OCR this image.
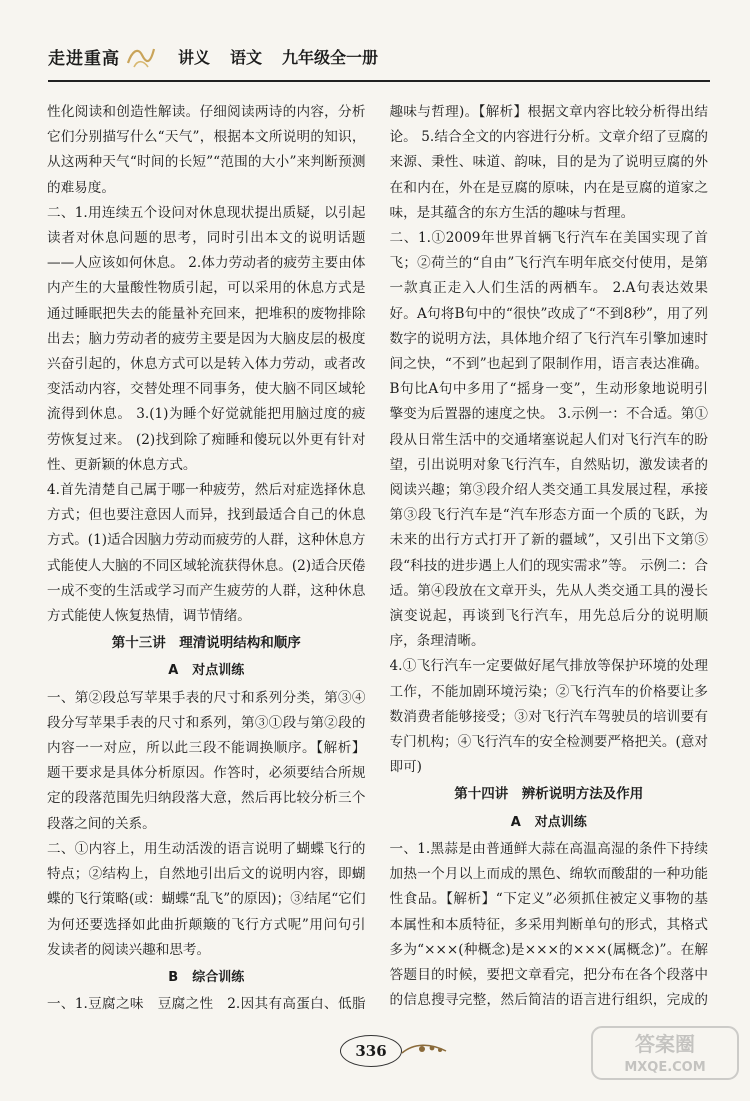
走进重高	讲义 语文 九年级全一册

性化阅读和创造性解读。仔细阅读两诗的内容，分析它们分别描写什么“天气”，根据本文所说明的知识，从这两种天气“时间的长短”“范围的大小”来判断预测的难易度。

二、1.用连续五个设问对休息现状提出质疑，以引起读者对休息问题的思考，同时引出本文的说明话题——人应该如何休息。 2.体力劳动者的疲劳主要由体内产生的大量酸性物质引起，可以采用的休息方式是通过睡眠把失去的能量补充回来，把堆积的废物排除出去；脑力劳动者的疲劳主要是因为大脑皮层的极度兴奋引起的，休息方式可以是转入体力劳动，或者改变活动内容，交替处理不同事务，使大脑不同区域轮流得到休息。 3.(1)为睡个好觉就能把用脑过度的疲劳恢复过来。 (2)找到除了痴睡和傻玩以外更有针对性、更新颖的休息方式。

4.首先清楚自己属于哪一种疲劳，然后对症选择休息方式；但也要注意因人而异，找到最适合自己的休息方式。(1)适合因脑力劳动而疲劳的人群，这种休息方式能使人大脑的不同区域轮流获得休息。(2)适合厌倦一成不变的生活或学习而产生疲劳的人群，这种休息方式能使人恢复热情，调节情绪。

第十三讲　理清说明结构和顺序
A 对点训练

一、第②段总写苹果手表的尺寸和系列分类，第③④段分写苹果手表的尺寸和系列，第③①段与第②段的内容一一对应，所以此三段不能调换顺序。【解析】题干要求是具体分析原因。作答时，必须要结合所规定的段落范围先归纳段落大意，然后再比较分析三个段落之间的关系。

二、①内容上，用生动活泼的语言说明了蝴蝶飞行的特点；②结构上，自然地引出后文的说明内容，即蝴蝶的飞行策略(或：蝴蝶“乱飞”的原因)；③结尾“它们为何还要选择如此曲折颠簸的飞行方式呢”用问句引发读者的阅读兴趣和思考。

B 综合训练

一、1.豆腐之味　豆腐之性　2.因其有高蛋白、低脂

趣味与哲理)。【解析】根据文章内容比较分析得出结论。 5.结合全文的内容进行分析。文章介绍了豆腐的来源、秉性、味道、韵味，目的是为了说明豆腐的外在和内在，外在是豆腐的原味，内在是豆腐的道家之味，是其蕴含的东方生活的趣味与哲理。

二、1.①2009年世界首辆飞行汽车在美国实现了首飞；②荷兰的“自由”飞行汽车明年底交付使用，是第一款真正走入人们生活的两栖车。 2.A句表达效果好。A句将B句中的“很快”改成了“不到8秒”，用了列数字的说明方法，具体地介绍了飞行汽车引擎加速时间之快，“不到”也起到了限制作用，语言表达准确。B句比A句中多用了“摇身一变”，生动形象地说明引擎变为后置器的速度之快。 3.示例一：不合适。第①段从日常生活中的交通堵塞说起人们对飞行汽车的盼望，引出说明对象飞行汽车，自然贴切，激发读者的阅读兴趣；第③段介绍人类交通工具发展过程，承接第③段飞行汽车是“汽车形态方面一个质的飞跃，为未来的出行方式打开了新的疆域”，又引出下文第⑤段“科技的进步遇上人们的现实需求”等。 示例二：合适。第④段放在文章开头，先从人类交通工具的漫长演变说起，再谈到飞行汽车，用先总后分的说明顺序，条理清晰。

4.①飞行汽车一定要做好尾气排放等保护环境的处理工作，不能加剧环境污染；②飞行汽车的价格要让多数消费者能够接受；③对飞行汽车驾驶员的培训要有专门机构；④飞行汽车的安全检测要严格把关。(意对即可)

第十四讲　辨析说明方法及作用
A 对点训练

一、1.黑蒜是由普通鲜大蒜在高温高湿的条件下持续加热一个月以上而成的黑色、绵软而酸甜的一种功能性食品。【解析】“下定义”必须抓住被定义事物的基本属性和本质特征，多采用判断单句的形式，其格式多为“×××(种概念)是×××的×××(属概念)”。在解答题目的时候，要把文章看完，把分布在各个段落中的信息搜寻完整，然后简洁的语言进行组织，完成的

336	答案圈
MXQE.COM
